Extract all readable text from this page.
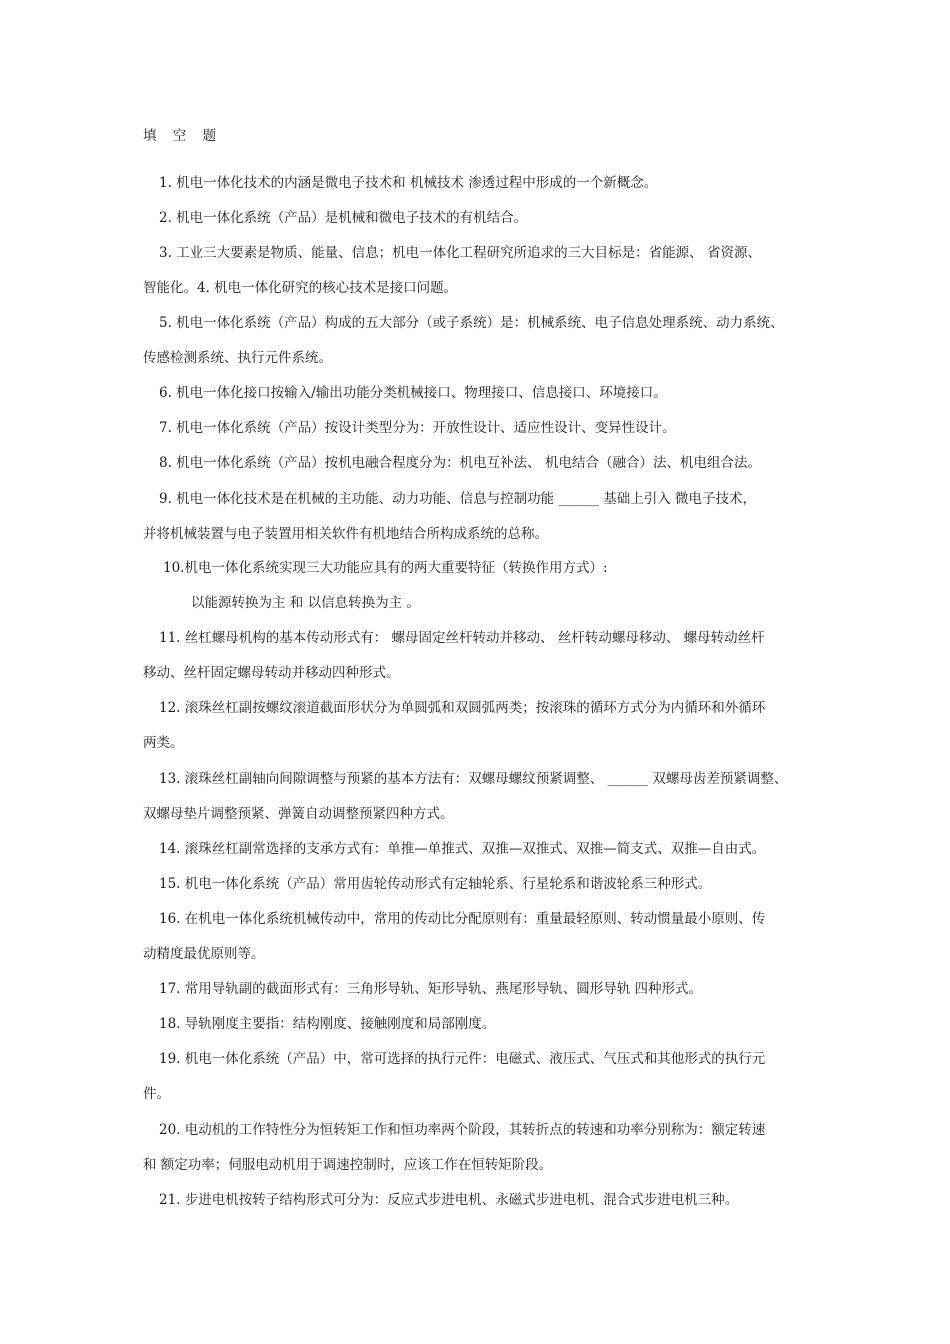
填 空 题
1. 机电一体化技术的内涵是微电子技术和 机械技术 渗透过程中形成的一个新概念。
2. 机电一体化系统（产品）是机械和微电子技术的有机结合。
3. 工业三大要素是物质、能量、信息；机电一体化工程研究所追求的三大目标是：省能源、 省资源、
智能化。4. 机电一体化研究的核心技术是接口问题。
5. 机电一体化系统（产品）构成的五大部分（或子系统）是：机械系统、电子信息处理系统、动力系统、
传感检测系统、执行元件系统。
6. 机电一体化接口按输入/输出功能分类机械接口、物理接口、信息接口、环境接口。
7. 机电一体化系统（产品）按设计类型分为：开放性设计、适应性设计、变异性设计。
8. 机电一体化系统（产品）按机电融合程度分为：机电互补法、 机电结合（融合）法、机电组合法。
9. 机电一体化技术是在机械的主功能、动力功能、信息与控制功能 ______ 基础上引入 微电子技术，
并将机械装置与电子装置用相关软件有机地结合所构成系统的总称。
10.机电一体化系统实现三大功能应具有的两大重要特征（转换作用方式）:
以能源转换为主 和 以信息转换为主 。
11. 丝杠螺母机构的基本传动形式有： 螺母固定丝杆转动并移动、 丝杆转动螺母移动、 螺母转动丝杆
移动、丝杆固定螺母转动并移动四种形式。
12. 滚珠丝杠副按螺纹滚道截面形状分为单圆弧和双圆弧两类；按滚珠的循环方式分为内循环和外循环
两类。
13. 滚珠丝杠副轴向间隙调整与预紧的基本方法有：双螺母螺纹预紧调整、 ______ 双螺母齿差预紧调整、
双螺母垫片调整预紧、弹簧自动调整预紧四种方式。
14. 滚珠丝杠副常选择的支承方式有：单推—单推式、双推—双推式、双推—简支式、双推—自由式。
15. 机电一体化系统（产品）常用齿轮传动形式有定轴轮系、行星轮系和谐波轮系三种形式。
16. 在机电一体化系统机械传动中，常用的传动比分配原则有：重量最轻原则、转动惯量最小原则、传
动精度最优原则等。
17. 常用导轨副的截面形式有：三角形导轨、矩形导轨、燕尾形导轨、圆形导轨 四种形式。
18. 导轨刚度主要指：结构刚度、接触刚度和局部刚度。
19. 机电一体化系统（产品）中，常可选择的执行元件：电磁式、液压式、气压式和其他形式的执行元
件。
20. 电动机的工作特性分为恒转矩工作和恒功率两个阶段，其转折点的转速和功率分别称为：额定转速
和 额定功率；伺服电动机用于调速控制时，应该工作在恒转矩阶段。
21. 步进电机按转子结构形式可分为：反应式步进电机、永磁式步进电机、混合式步进电机三种。
